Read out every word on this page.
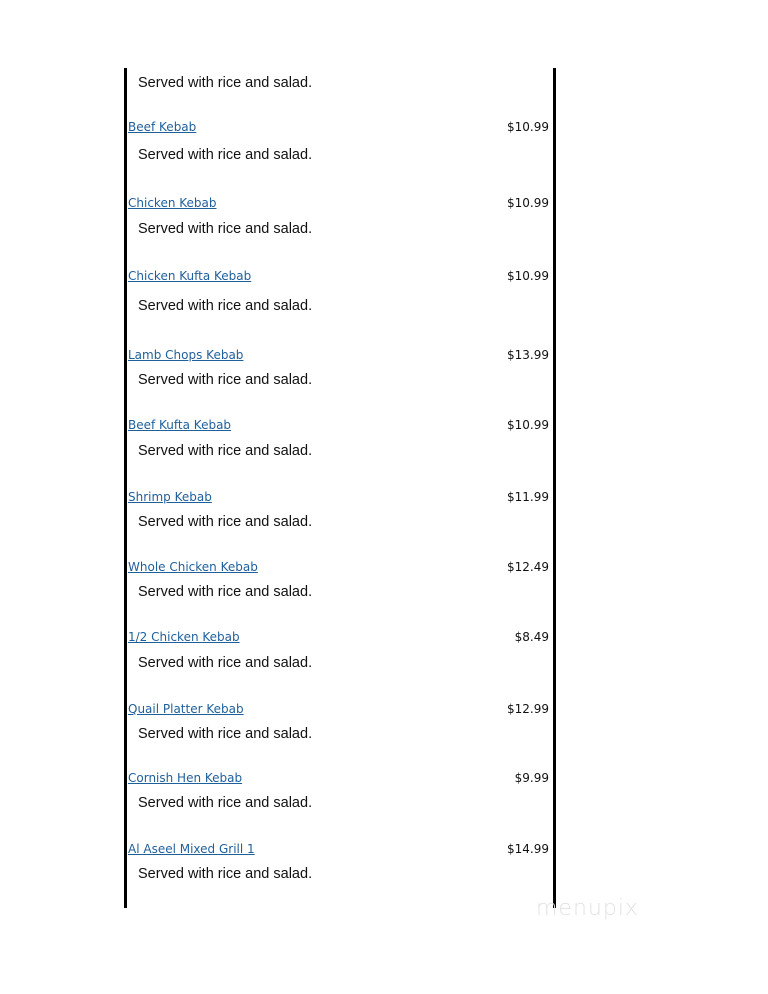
Served with rice and salad.
Beef Kebab	$10.99
Served with rice and salad.
Chicken Kebab	$10.99
Served with rice and salad.
Chicken Kufta Kebab	$10.99
Served with rice and salad.
Lamb Chops Kebab	$13.99
Served with rice and salad.
Beef Kufta Kebab	$10.99
Served with rice and salad.
Shrimp Kebab	$11.99
Served with rice and salad.
Whole Chicken Kebab	$12.49
Served with rice and salad.
1/2 Chicken Kebab	$8.49
Served with rice and salad.
Quail Platter Kebab	$12.99
Served with rice and salad.
Cornish Hen Kebab	$9.99
Served with rice and salad.
Al Aseel Mixed Grill 1	$14.99
Served with rice and salad.
menupix
